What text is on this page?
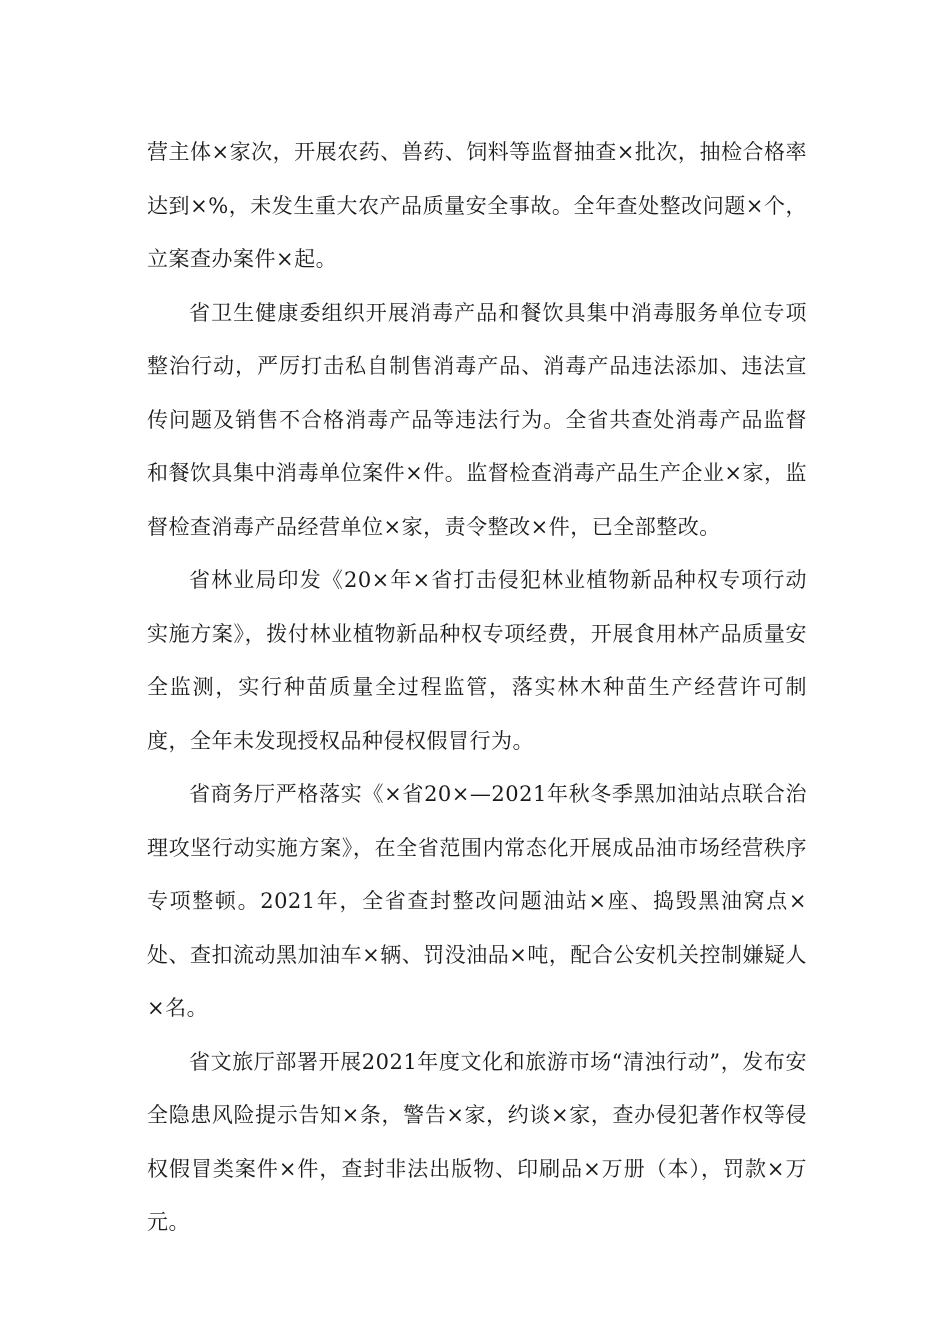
营主体×家次，开展农药、兽药、饲料等监督抽查×批次，抽检合格率达到×%，未发生重大农产品质量安全事故。全年查处整改问题×个，立案查办案件×起。

省卫生健康委组织开展消毒产品和餐饮具集中消毒服务单位专项整治行动，严厉打击私自制售消毒产品、消毒产品违法添加、违法宣传问题及销售不合格消毒产品等违法行为。全省共查处消毒产品监督和餐饮具集中消毒单位案件×件。监督检查消毒产品生产企业×家，监督检查消毒产品经营单位×家，责令整改×件，已全部整改。

省林业局印发《20×年×省打击侵犯林业植物新品种权专项行动实施方案》，拨付林业植物新品种权专项经费，开展食用林产品质量安全监测，实行种苗质量全过程监管，落实林木种苗生产经营许可制度，全年未发现授权品种侵权假冒行为。

省商务厅严格落实《×省20×—2021年秋冬季黑加油站点联合治理攻坚行动实施方案》，在全省范围内常态化开展成品油市场经营秩序专项整顿。2021年，全省查封整改问题油站×座、捣毁黑油窝点×处、查扣流动黑加油车×辆、罚没油品×吨，配合公安机关控制嫌疑人×名。

省文旅厅部署开展2021年度文化和旅游市场“清浊行动”，发布安全隐患风险提示告知×条，警告×家，约谈×家，查办侵犯著作权等侵权假冒类案件×件，查封非法出版物、印刷品×万册（本），罚款×万元。
